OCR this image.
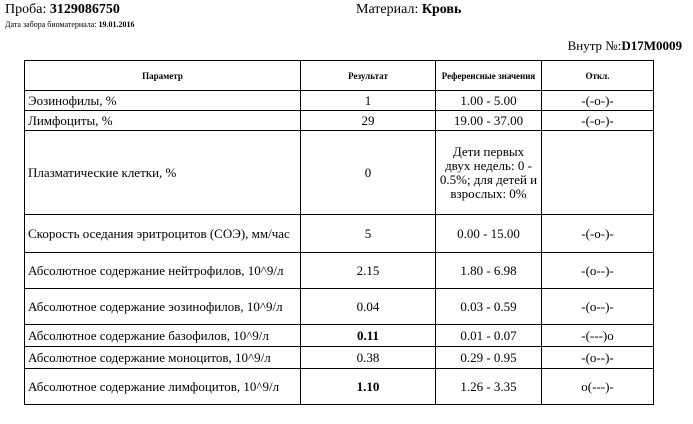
Проба: 3129086750	Материал: Кровь
Дата забора биоматериала: 19.01.2016
Внутр №:D17M0009
Параметр	Результат	Референсные значения	Откл.
Эозинофилы, %	1	1.00 - 5.00	-(-о-)-
Лимфоциты, %	29	19.00 - 37.00	-(-о-)-
Плазматические клетки, %	0	Дети первых двух недель: 0 - 0.5%; для детей и взрослых: 0%	
Скорость оседания эритроцитов (СОЭ), мм/час	5	0.00 - 15.00	-(-о-)-
Абсолютное содержание нейтрофилов, 10^9/л	2.15	1.80 - 6.98	-(о--)-
Абсолютное содержание эозинофилов, 10^9/л	0.04	0.03 - 0.59	-(о--)-
Абсолютное содержание базофилов, 10^9/л	0.11	0.01 - 0.07	-(---)о
Абсолютное содержание моноцитов, 10^9/л	0.38	0.29 - 0.95	-(о--)-
Абсолютное содержание лимфоцитов, 10^9/л	1.10	1.26 - 3.35	о(---)-
